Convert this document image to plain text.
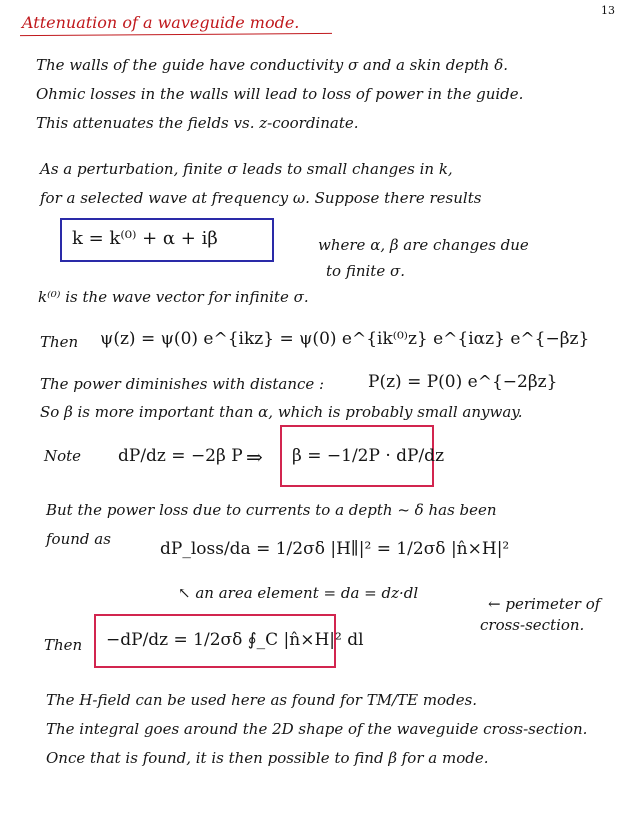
13
Attenuation of a waveguide mode.
The walls of the guide have conductivity σ and a skin depth δ.
Ohmic losses in the walls will lead to loss of power in the guide.
This attenuates the fields vs. z-coordinate.
As a perturbation, finite σ leads to small changes in k,
for a selected wave at frequency ω. Suppose there results
k = k⁽⁰⁾ + α + iβ	where α, β are changes due
to finite σ.
k⁽⁰⁾ is the wave vector for infinite σ.
Then ψ(z) = ψ(0) e^{ikz} = ψ(0) e^{ik⁽⁰⁾z} e^{iαz} e^{−βz}
The power diminishes with distance :	P(z) = P(0) e^{−2βz}
So β is more important than α, which is probably small anyway.
Note dP/dz = −2β P ⇒ β = −1/2P · dP/dz
But the power loss due to currents to a depth ~ δ has been
found as	dP_loss/da = 1/2σδ |H∥|² = 1/2σδ |n̂×H|²
↖ an area element = da = dz·dl
← perimeter of
cross-section.
Then −dP/dz = 1/2σδ ∮_C |n̂×H|² dl
The H-field can be used here as found for TM/TE modes.
The integral goes around the 2D shape of the waveguide cross-section.
Once that is found, it is then possible to find β for a mode.
